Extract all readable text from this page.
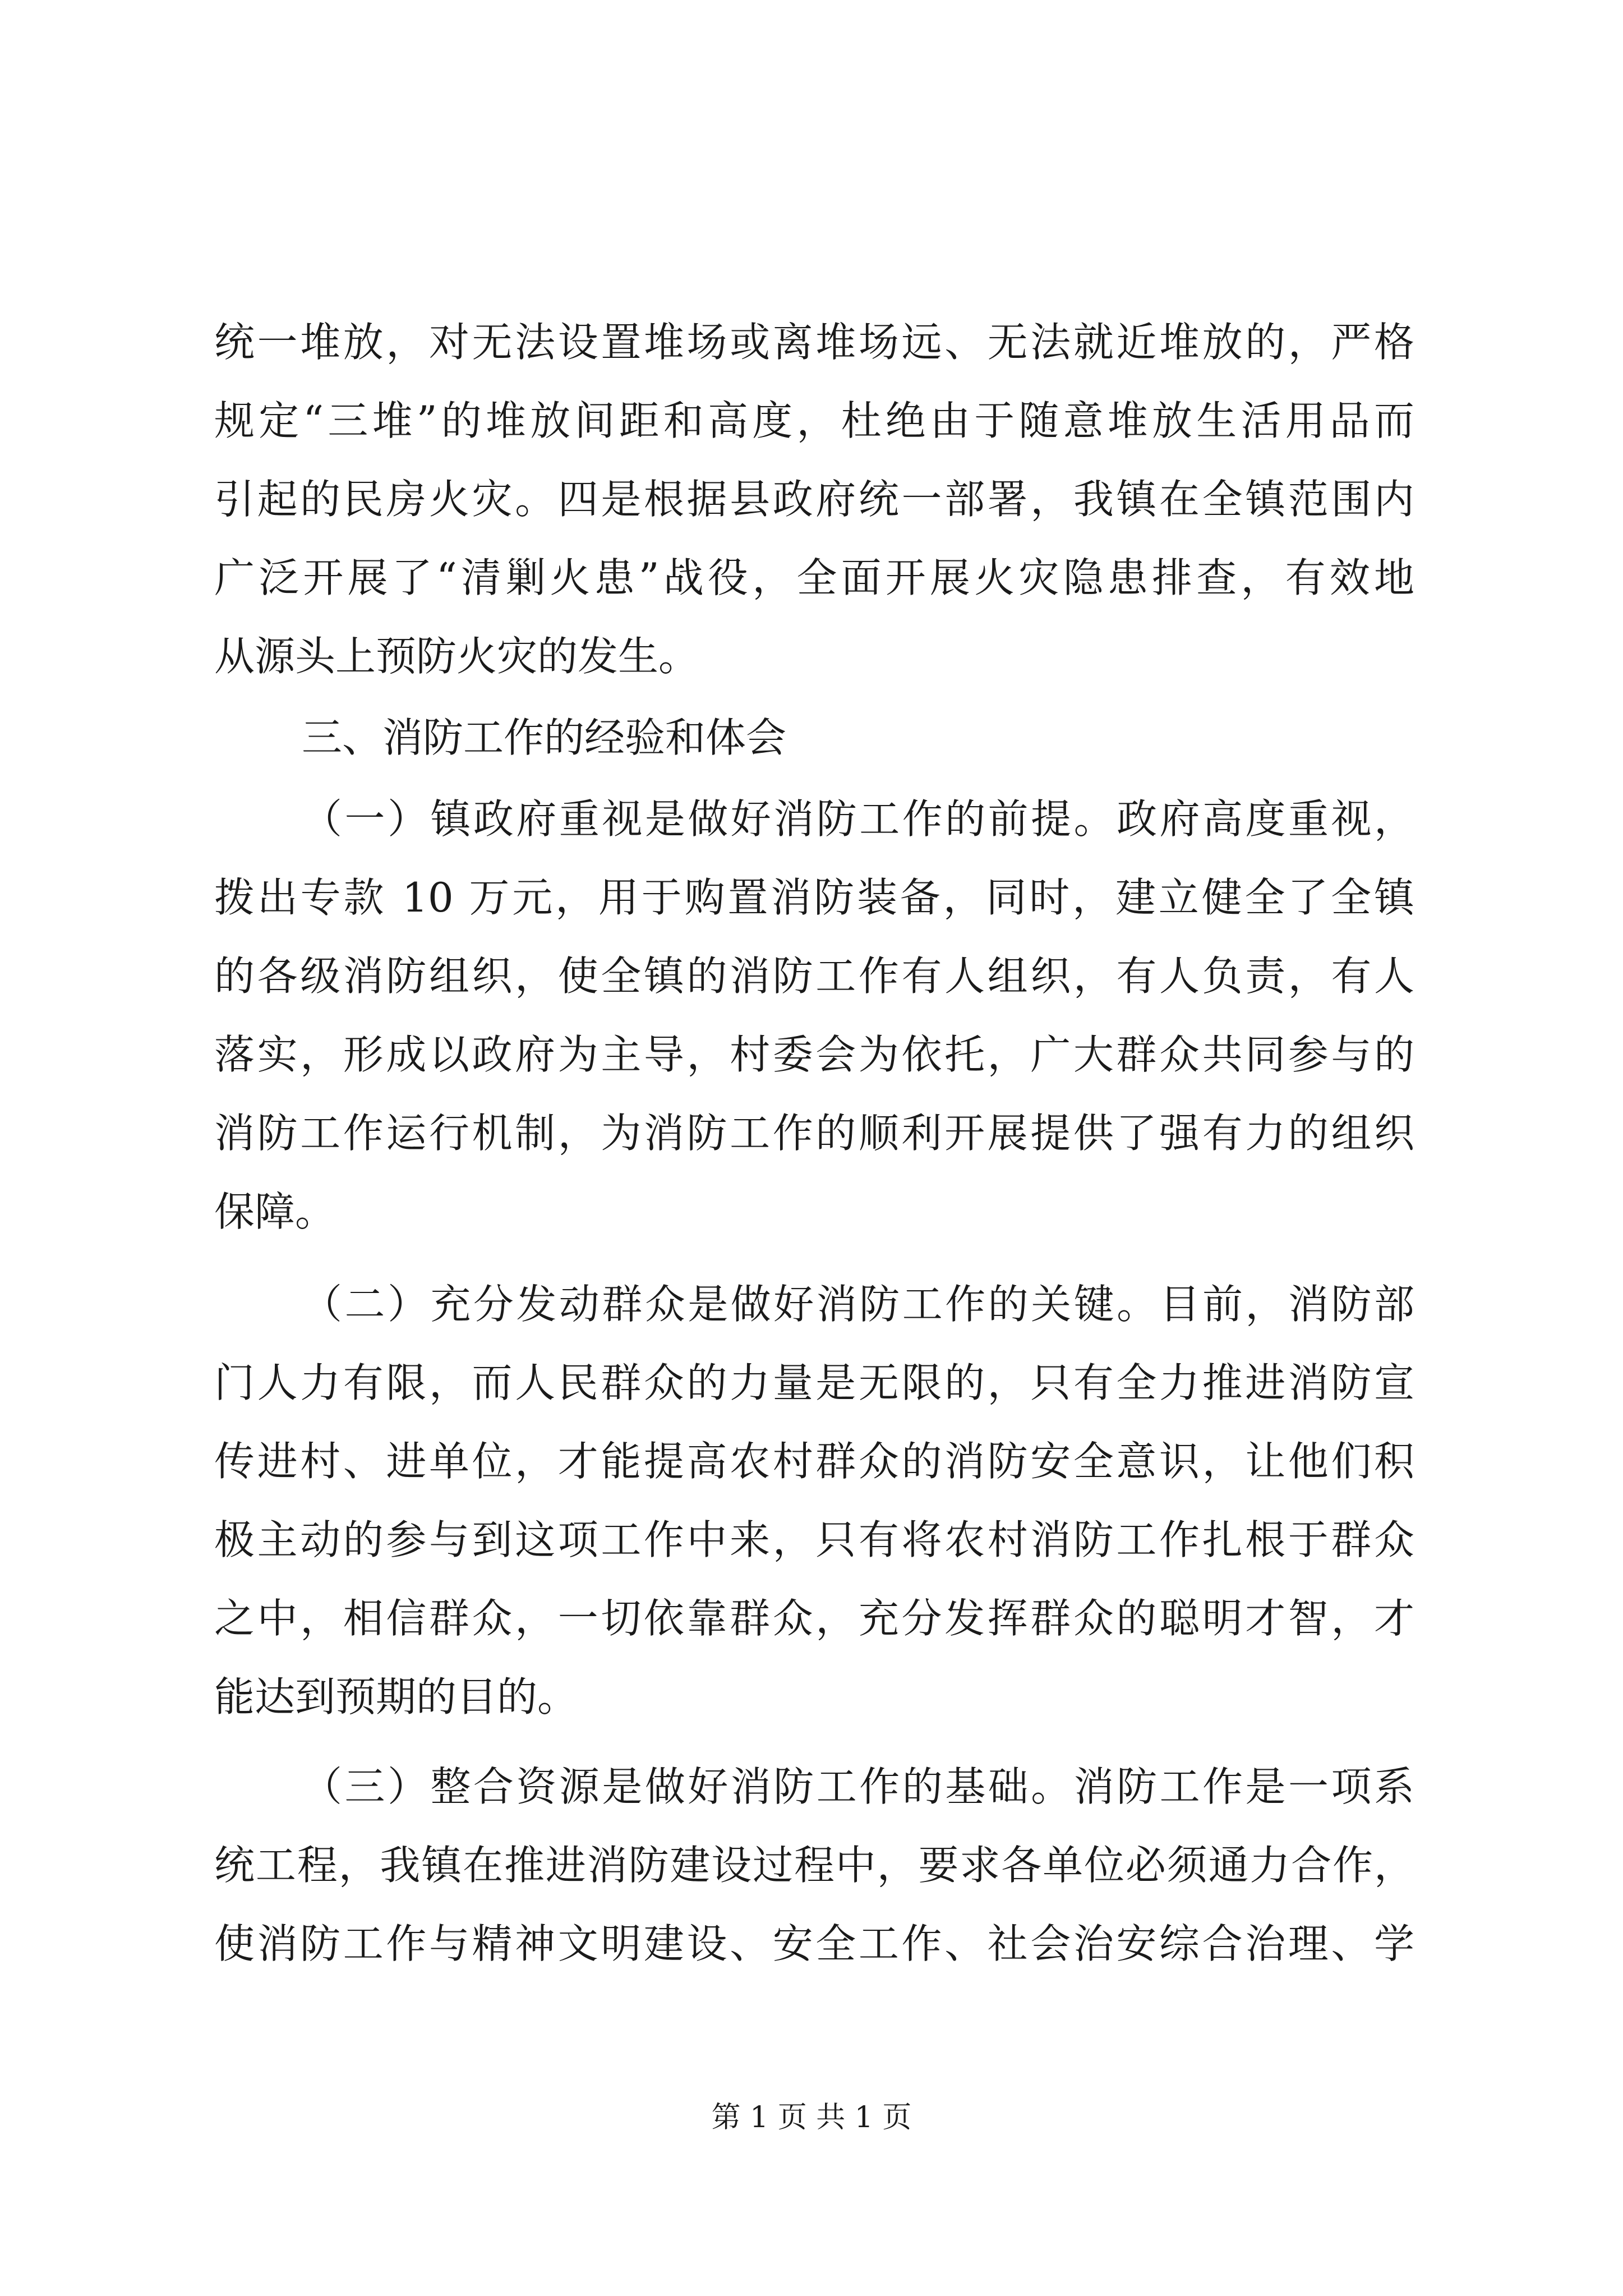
统一堆放，对无法设置堆场或离堆场远、无法就近堆放的，严格
规定“三堆”的堆放间距和高度，杜绝由于随意堆放生活用品而
引起的民房火灾。四是根据县政府统一部署，我镇在全镇范围内
广泛开展了“清剿火患”战役，全面开展火灾隐患排查，有效地
从源头上预防火灾的发生。
三、消防工作的经验和体会
（一）镇政府重视是做好消防工作的前提。政府高度重视，
拨出专款 10 万元，用于购置消防装备，同时，建立健全了全镇
的各级消防组织，使全镇的消防工作有人组织，有人负责，有人
落实，形成以政府为主导，村委会为依托，广大群众共同参与的
消防工作运行机制，为消防工作的顺利开展提供了强有力的组织
保障。
（二）充分发动群众是做好消防工作的关键。目前，消防部
门人力有限，而人民群众的力量是无限的，只有全力推进消防宣
传进村、进单位，才能提高农村群众的消防安全意识，让他们积
极主动的参与到这项工作中来，只有将农村消防工作扎根于群众
之中，相信群众，一切依靠群众，充分发挥群众的聪明才智，才
能达到预期的目的。
（三）整合资源是做好消防工作的基础。消防工作是一项系
统工程，我镇在推进消防建设过程中，要求各单位必须通力合作，
使消防工作与精神文明建设、安全工作、社会治安综合治理、学
第 1 页 共 1 页
